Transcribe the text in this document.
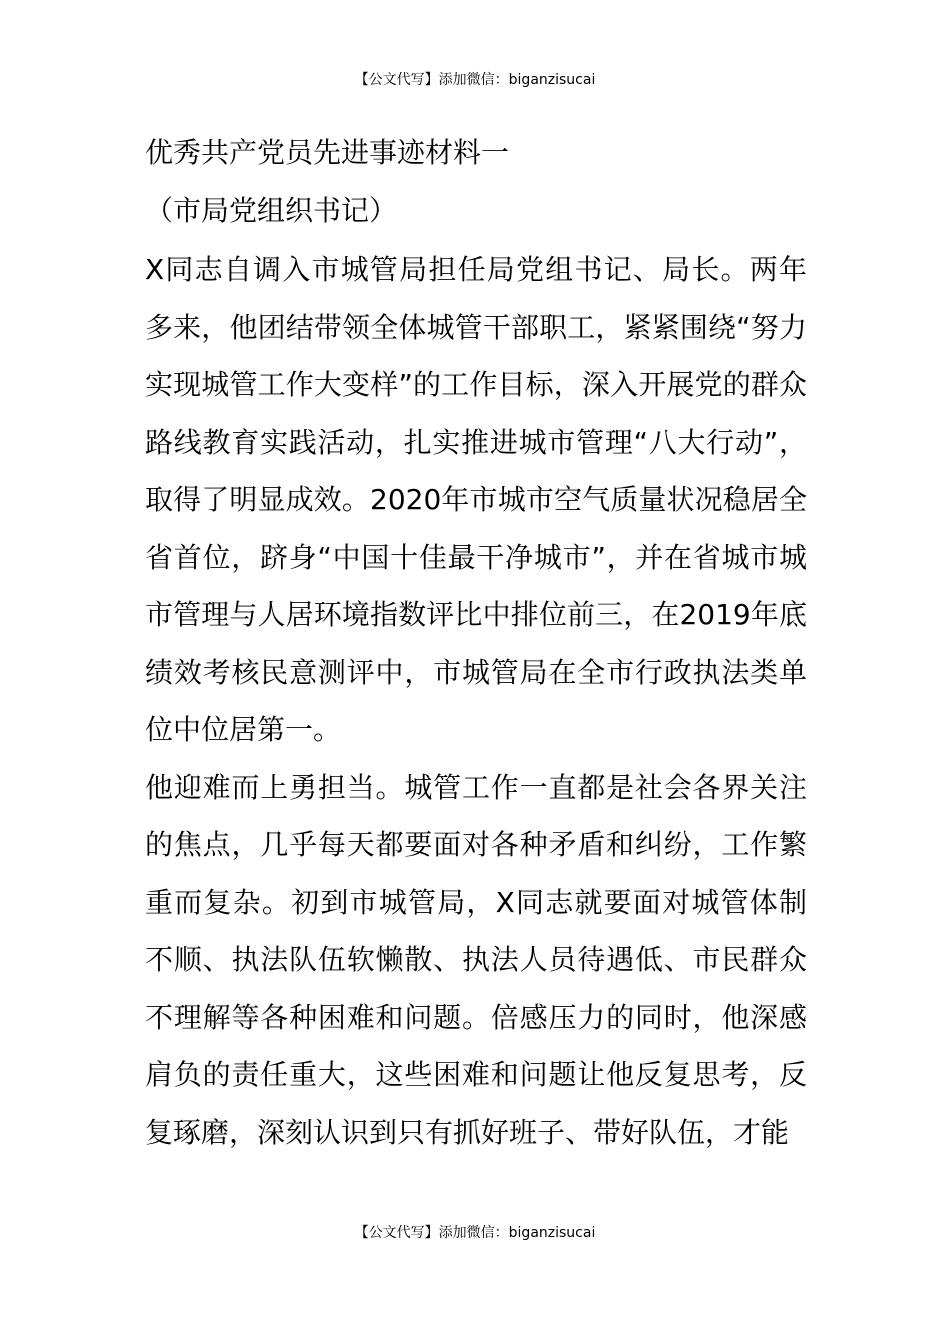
【公文代写】添加微信：biganzisucai

优秀共产党员先进事迹材料一

（市局党组织书记）

X同志自调入市城管局担任局党组书记、局长。两年多来，他团结带领全体城管干部职工，紧紧围绕“努力实现城管工作大变样”的工作目标，深入开展党的群众路线教育实践活动，扎实推进城市管理“八大行动”，取得了明显成效。2020年市城市空气质量状况稳居全省首位，跻身“中国十佳最干净城市”，并在省城市城市管理与人居环境指数评比中排位前三，在2019年底绩效考核民意测评中，市城管局在全市行政执法类单位中位居第一。

他迎难而上勇担当。城管工作一直都是社会各界关注的焦点，几乎每天都要面对各种矛盾和纠纷，工作繁重而复杂。初到市城管局，X同志就要面对城管体制不顺、执法队伍软懒散、执法人员待遇低、市民群众不理解等各种困难和问题。倍感压力的同时，他深感肩负的责任重大，这些困难和问题让他反复思考，反复琢磨，深刻认识到只有抓好班子、带好队伍，才能

【公文代写】添加微信：biganzisucai
